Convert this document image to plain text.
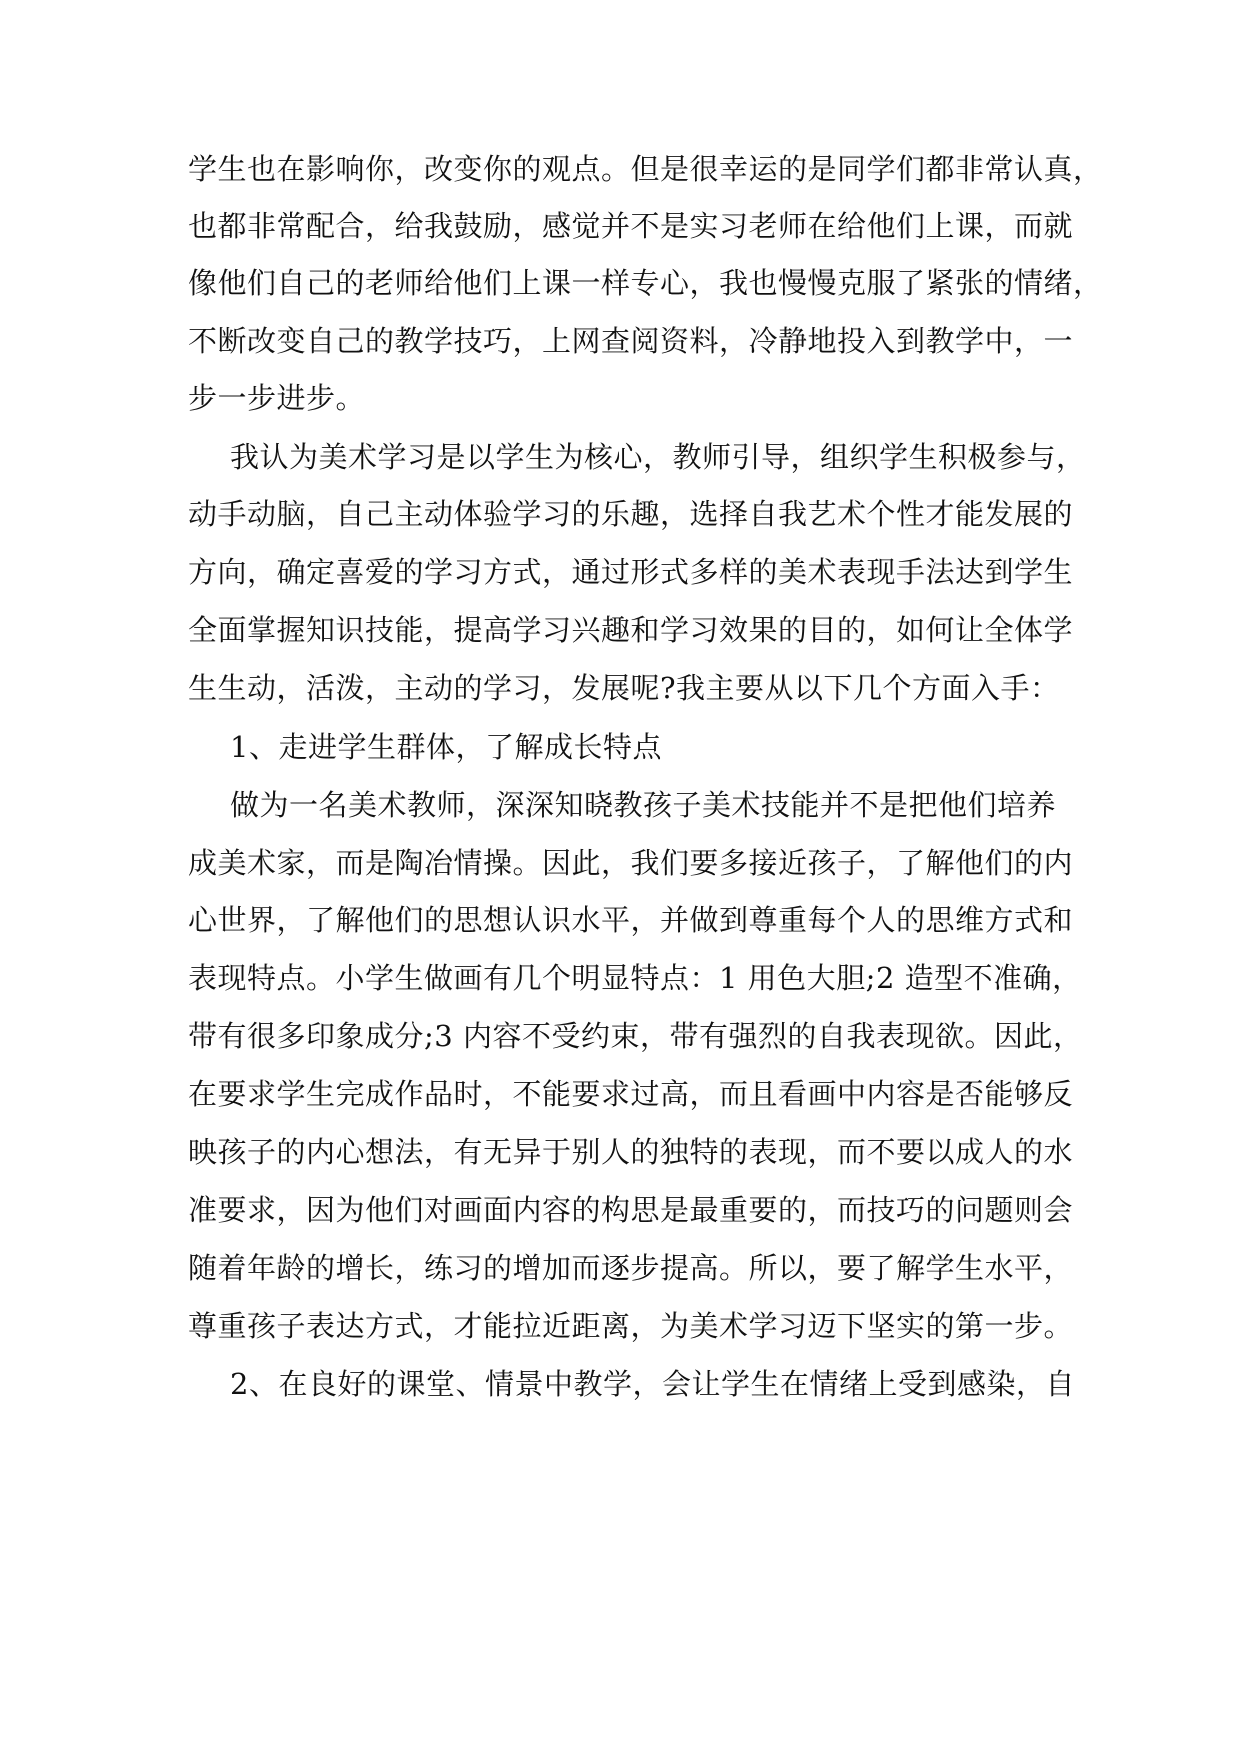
学生也在影响你，改变你的观点。但是很幸运的是同学们都非常认真，
也都非常配合，给我鼓励，感觉并不是实习老师在给他们上课，而就
像他们自己的老师给他们上课一样专心，我也慢慢克服了紧张的情绪，
不断改变自己的教学技巧，上网查阅资料，冷静地投入到教学中，一
步一步进步。
我认为美术学习是以学生为核心，教师引导，组织学生积极参与，
动手动脑，自己主动体验学习的乐趣，选择自我艺术个性才能发展的
方向，确定喜爱的学习方式，通过形式多样的美术表现手法达到学生
全面掌握知识技能，提高学习兴趣和学习效果的目的，如何让全体学
生生动，活泼，主动的学习，发展呢?我主要从以下几个方面入手：
1、走进学生群体，了解成长特点
做为一名美术教师，深深知晓教孩子美术技能并不是把他们培养
成美术家，而是陶冶情操。因此，我们要多接近孩子，了解他们的内
心世界，了解他们的思想认识水平，并做到尊重每个人的思维方式和
表现特点。小学生做画有几个明显特点：1 用色大胆;2 造型不准确，
带有很多印象成分;3 内容不受约束，带有强烈的自我表现欲。因此，
在要求学生完成作品时，不能要求过高，而且看画中内容是否能够反
映孩子的内心想法，有无异于别人的独特的表现，而不要以成人的水
准要求，因为他们对画面内容的构思是最重要的，而技巧的问题则会
随着年龄的增长，练习的增加而逐步提高。所以，要了解学生水平，
尊重孩子表达方式，才能拉近距离，为美术学习迈下坚实的第一步。
2、在良好的课堂、情景中教学，会让学生在情绪上受到感染，自
